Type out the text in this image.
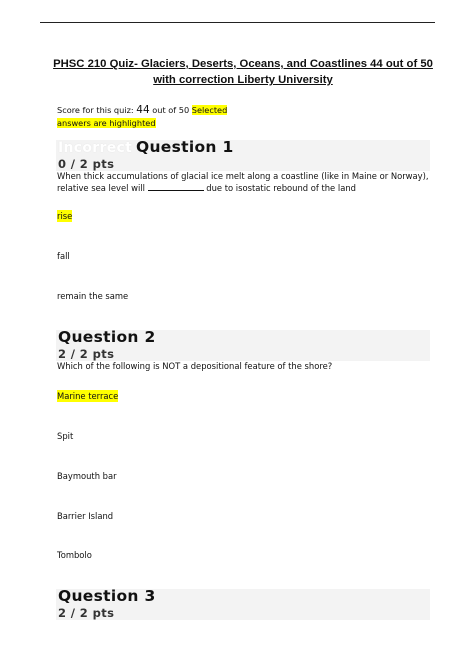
PHSC 210 Quiz- Glaciers, Deserts, Oceans, and Coastlines 44 out of 50 with correction Liberty University
Score for this quiz: 44 out of 50 Selected
answers are highlighted
Incorrect Question 1
0 / 2 pts
When thick accumulations of glacial ice melt along a coastline (like in Maine or Norway), relative sea level will	due to isostatic rebound of the land
rise
fall
remain the same
Question 2
2 / 2 pts
Which of the following is NOT a depositional feature of the shore?
Marine terrace
Spit
Baymouth bar
Barrier Island
Tombolo
Question 3
2 / 2 pts
